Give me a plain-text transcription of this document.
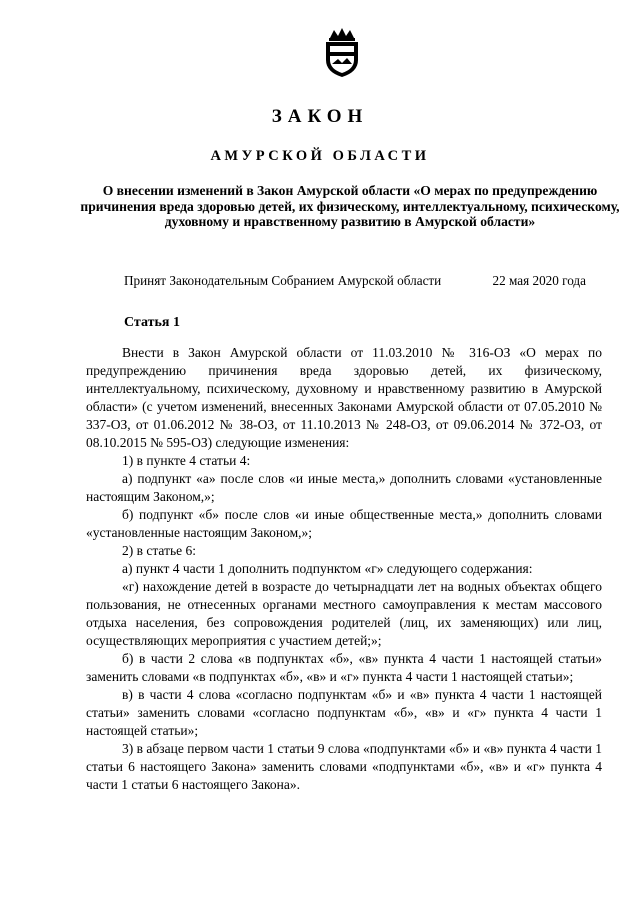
ЗАКОН
АМУРСКОЙ ОБЛАСТИ
О внесении изменений в Закон Амурской области «О мерах по предупреждению причинения вреда здоровью детей, их физическому, интеллектуальному, психическому, духовному и нравственному развитию в Амурской области»
Принят Законодательным Собранием Амурской области	22 мая 2020 года
Статья 1

Внести в Закон Амурской области от 11.03.2010 № 316-ОЗ «О мерах по предупреждению причинения вреда здоровью детей, их физическому, интеллектуальному, психическому, духовному и нравственному развитию в Амурской области» (с учетом изменений, внесенных Законами Амурской области от 07.05.2010 № 337-ОЗ, от 01.06.2012 № 38-ОЗ, от 11.10.2013 № 248-ОЗ, от 09.06.2014 № 372-ОЗ, от 08.10.2015 № 595-ОЗ) следующие изменения:

1) в пункте 4 статьи 4:

а) подпункт «а» после слов «и иные места,» дополнить словами «установленные настоящим Законом,»;

б) подпункт «б» после слов «и иные общественные места,» дополнить словами «установленные настоящим Законом,»;

2) в статье 6:

а) пункт 4 части 1 дополнить подпунктом «г» следующего содержания:

«г) нахождение детей в возрасте до четырнадцати лет на водных объектах общего пользования, не отнесенных органами местного самоуправления к местам массового отдыха населения, без сопровождения родителей (лиц, их заменяющих) или лиц, осуществляющих мероприятия с участием детей;»;

б) в части 2 слова «в подпунктах «б», «в» пункта 4 части 1 настоящей статьи» заменить словами «в подпунктах «б», «в» и «г» пункта 4 части 1 настоящей статьи»;

в) в части 4 слова «согласно подпунктам «б» и «в» пункта 4 части 1 настоящей статьи» заменить словами «согласно подпунктам «б», «в» и «г» пункта 4 части 1 настоящей статьи»;

3) в абзаце первом части 1 статьи 9 слова «подпунктами «б» и «в» пункта 4 части 1 статьи 6 настоящего Закона» заменить словами «подпунктами «б», «в» и «г» пункта 4 части 1 статьи 6 настоящего Закона».
